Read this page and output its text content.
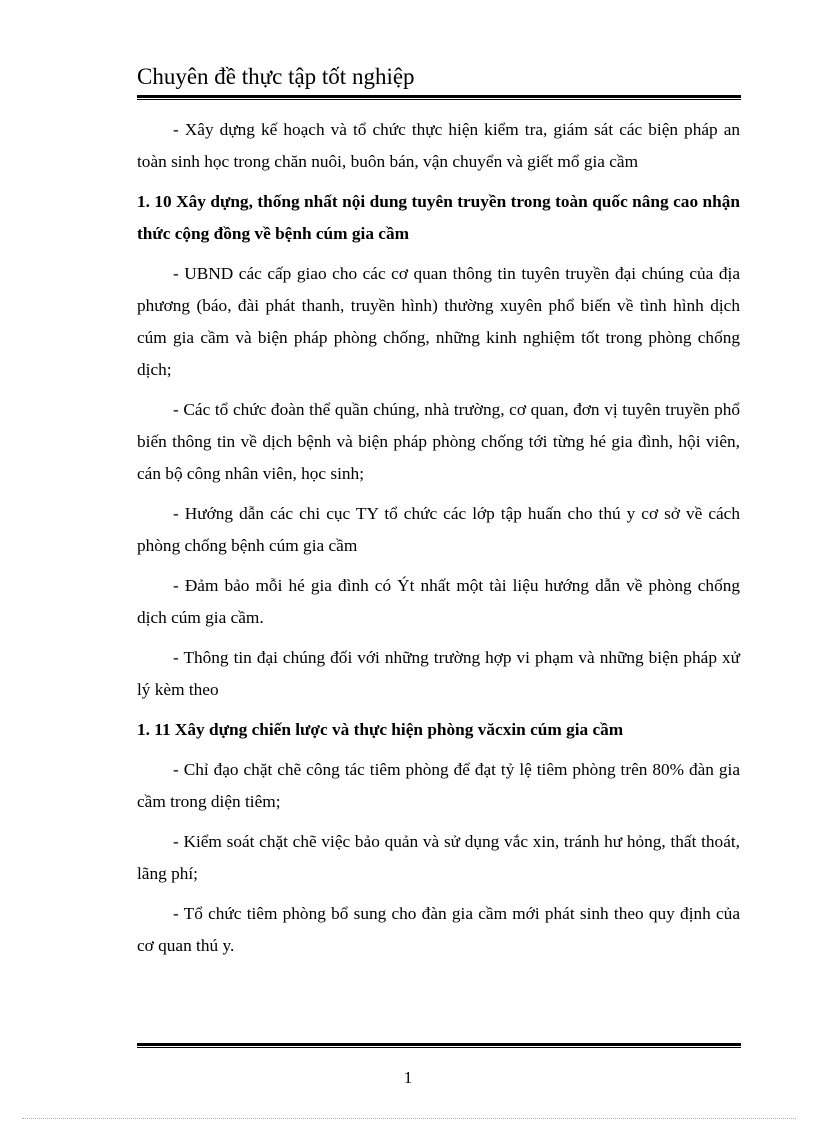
Chuyên đề thực tập tốt nghiệp

- Xây dựng kế hoạch và tổ chức thực hiện kiểm tra, giám sát các biện pháp an toàn sinh học trong chăn nuôi, buôn bán, vận chuyển và giết mổ gia cầm

1. 10 Xây dựng, thống nhất nội dung tuyên truyền trong toàn quốc nâng cao nhận thức cộng đồng về bệnh cúm gia cầm

- UBND các cấp giao cho các cơ quan thông tin tuyên truyền đại chúng của địa phương (báo, đài phát thanh, truyền hình) thường xuyên phổ biến về tình hình dịch cúm gia cầm và biện pháp phòng chống, những kinh nghiệm tốt trong phòng chống dịch;

- Các tổ chức đoàn thể quần chúng, nhà trường, cơ quan, đơn vị tuyên truyền phổ biến thông tin về dịch bệnh và biện pháp phòng chống tới từng hé gia đình, hội viên, cán bộ công nhân viên, học sinh;

- Hướng dẫn các chi cục TY tổ chức các lớp tập huấn cho thú y cơ sở về cách phòng chống bệnh cúm gia cầm

- Đảm bảo mỗi hé gia đình có Ýt nhất một tài liệu hướng dẫn về phòng chống dịch cúm gia cầm.

- Thông tin đại chúng đối với những trường hợp vi phạm và những biện pháp xử lý kèm theo

1. 11 Xây dựng chiến lược và thực hiện phòng văcxin cúm gia cầm

- Chỉ đạo chặt chẽ công tác tiêm phòng để đạt tỷ lệ tiêm phòng trên 80% đàn gia cầm trong diện tiêm;

- Kiểm soát chặt chẽ việc bảo quản và sử dụng vắc xin, tránh hư hỏng, thất thoát, lãng phí;

- Tổ chức tiêm phòng bổ sung cho đàn gia cầm mới phát sinh theo quy định của cơ quan thú y.

1
